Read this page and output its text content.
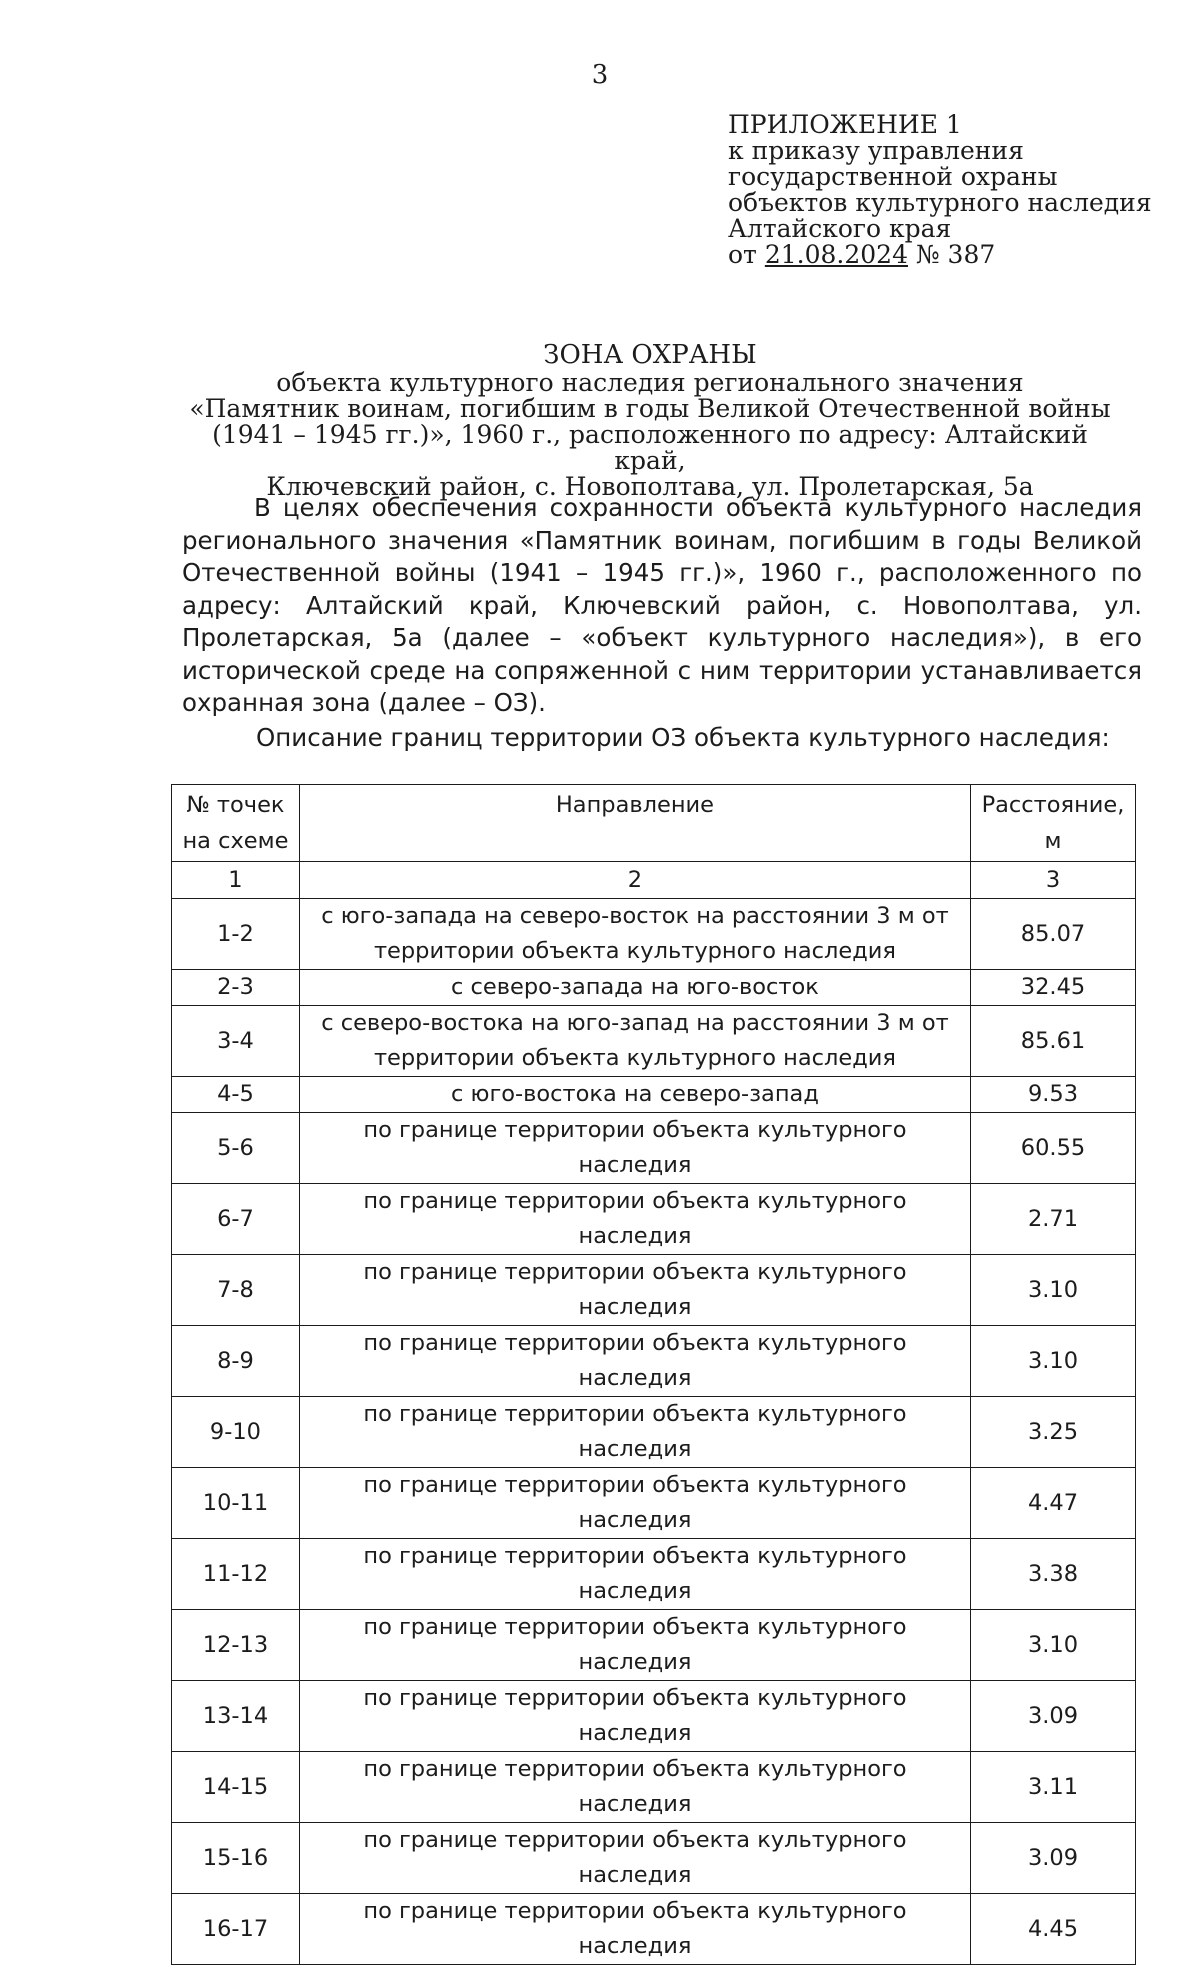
3
ПРИЛОЖЕНИЕ 1
к приказу управления
государственной охраны
объектов культурного наследия
Алтайского края
от 21.08.2024 № 387
ЗОНА ОХРАНЫ
объекта культурного наследия регионального значения
«Памятник воинам, погибшим в годы Великой Отечественной войны
(1941 – 1945 гг.)», 1960 г., расположенного по адресу: Алтайский край,
Ключевский район, с. Новополтава, ул. Пролетарская, 5а

В целях обеспечения сохранности объекта культурного наследия регионального значения «Памятник воинам, погибшим в годы Великой Отечественной войны (1941 – 1945 гг.)», 1960 г., расположенного по адресу: Алтайский край, Ключевский район, с. Новополтава, ул. Пролетарская, 5а (далее – «объект культурного наследия»), в его исторической среде на сопряженной с ним территории устанавливается охранная зона (далее – ОЗ).

Описание границ территории ОЗ объекта культурного наследия:
№ точек на схеме	Направление	Расстояние, м
1	2	3
1-2	с юго-запада на северо-восток на расстоянии 3 м от территории объекта культурного наследия	85.07
2-3	с северо-запада на юго-восток	32.45
3-4	с северо-востока на юго-запад на расстоянии 3 м от территории объекта культурного наследия	85.61
4-5	с юго-востока на северо-запад	9.53
5-6	по границе территории объекта культурного наследия	60.55
6-7	по границе территории объекта культурного наследия	2.71
7-8	по границе территории объекта культурного наследия	3.10
8-9	по границе территории объекта культурного наследия	3.10
9-10	по границе территории объекта культурного наследия	3.25
10-11	по границе территории объекта культурного наследия	4.47
11-12	по границе территории объекта культурного наследия	3.38
12-13	по границе территории объекта культурного наследия	3.10
13-14	по границе территории объекта культурного наследия	3.09
14-15	по границе территории объекта культурного наследия	3.11
15-16	по границе территории объекта культурного наследия	3.09
16-17	по границе территории объекта культурного наследия	4.45
